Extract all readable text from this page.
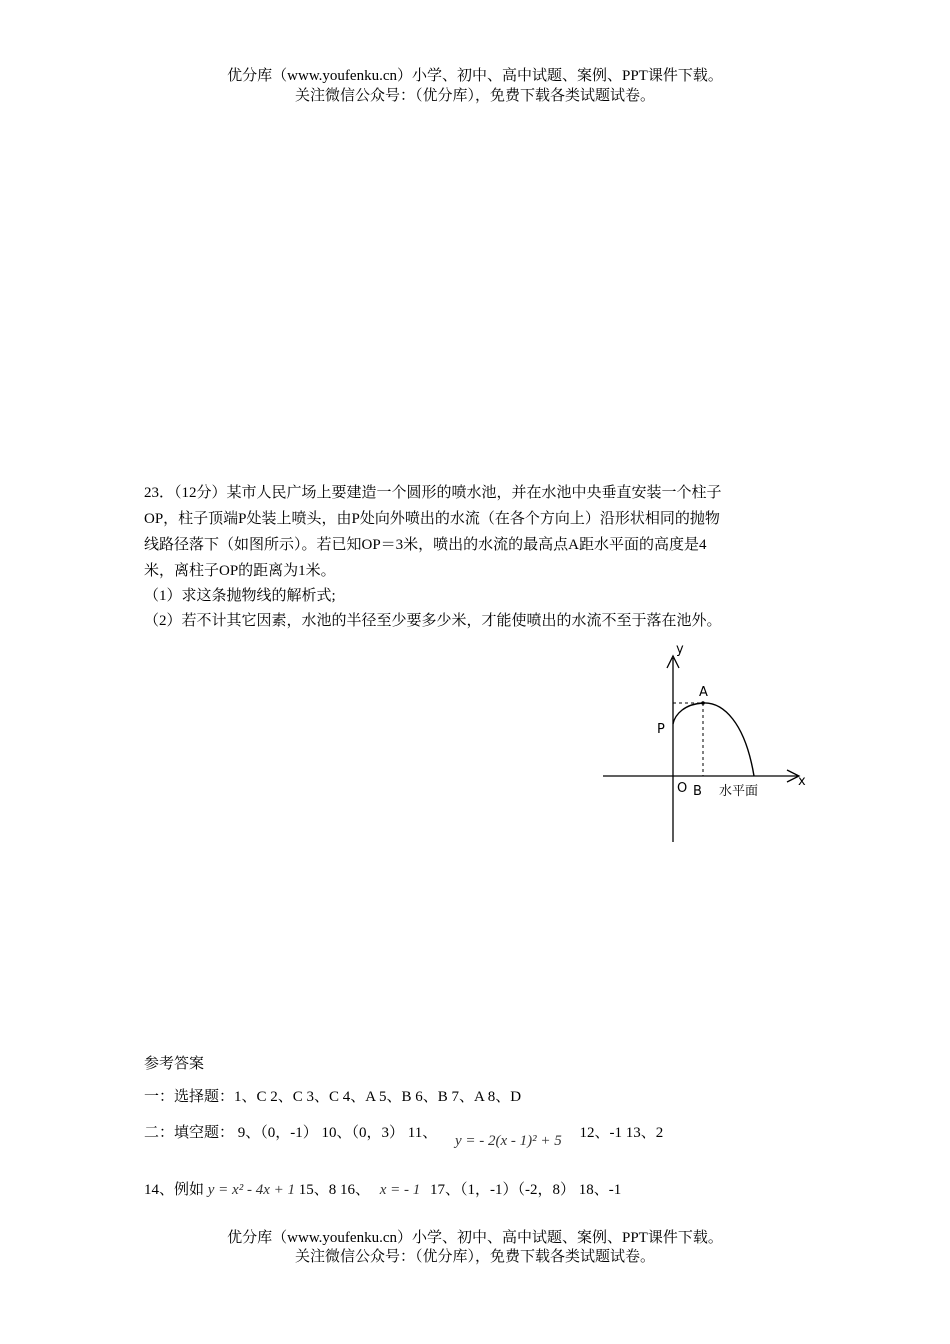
优分库（www.youfenku.cn）小学、初中、高中试题、案例、PPT课件下载。
关注微信公众号：（优分库），免费下载各类试题试卷。
23．（12分）某市人民广场上要建造一个圆形的喷水池，并在水池中央垂直安装一个柱子
OP，柱子顶端P处装上喷头，由P处向外喷出的水流（在各个方向上）沿形状相同的抛物
线路径落下（如图所示）。若已知OP＝3米，喷出的水流的最高点A距水平面的高度是4
米，离柱子OP的距离为1米。
（1）求这条抛物线的解析式;
（2）若不计其它因素，水池的半径至少要多少米，才能使喷出的水流不至于落在池外。
y
x
A
P
O B 水平面
参考答案
一：选择题：1、C 2、C 3、C 4、A 5、B 6、B 7、A 8、D
二：填空题： 9、（0，-1） 10、（0，3） 11、 y = - 2(x - 1)² + 5 12、-1 13、2
14、例如 y = x² - 4x + 1 15、8 16、 x = - 1 17、（1，-1）（-2，8） 18、-1
优分库（www.youfenku.cn）小学、初中、高中试题、案例、PPT课件下载。
关注微信公众号：（优分库），免费下载各类试题试卷。
